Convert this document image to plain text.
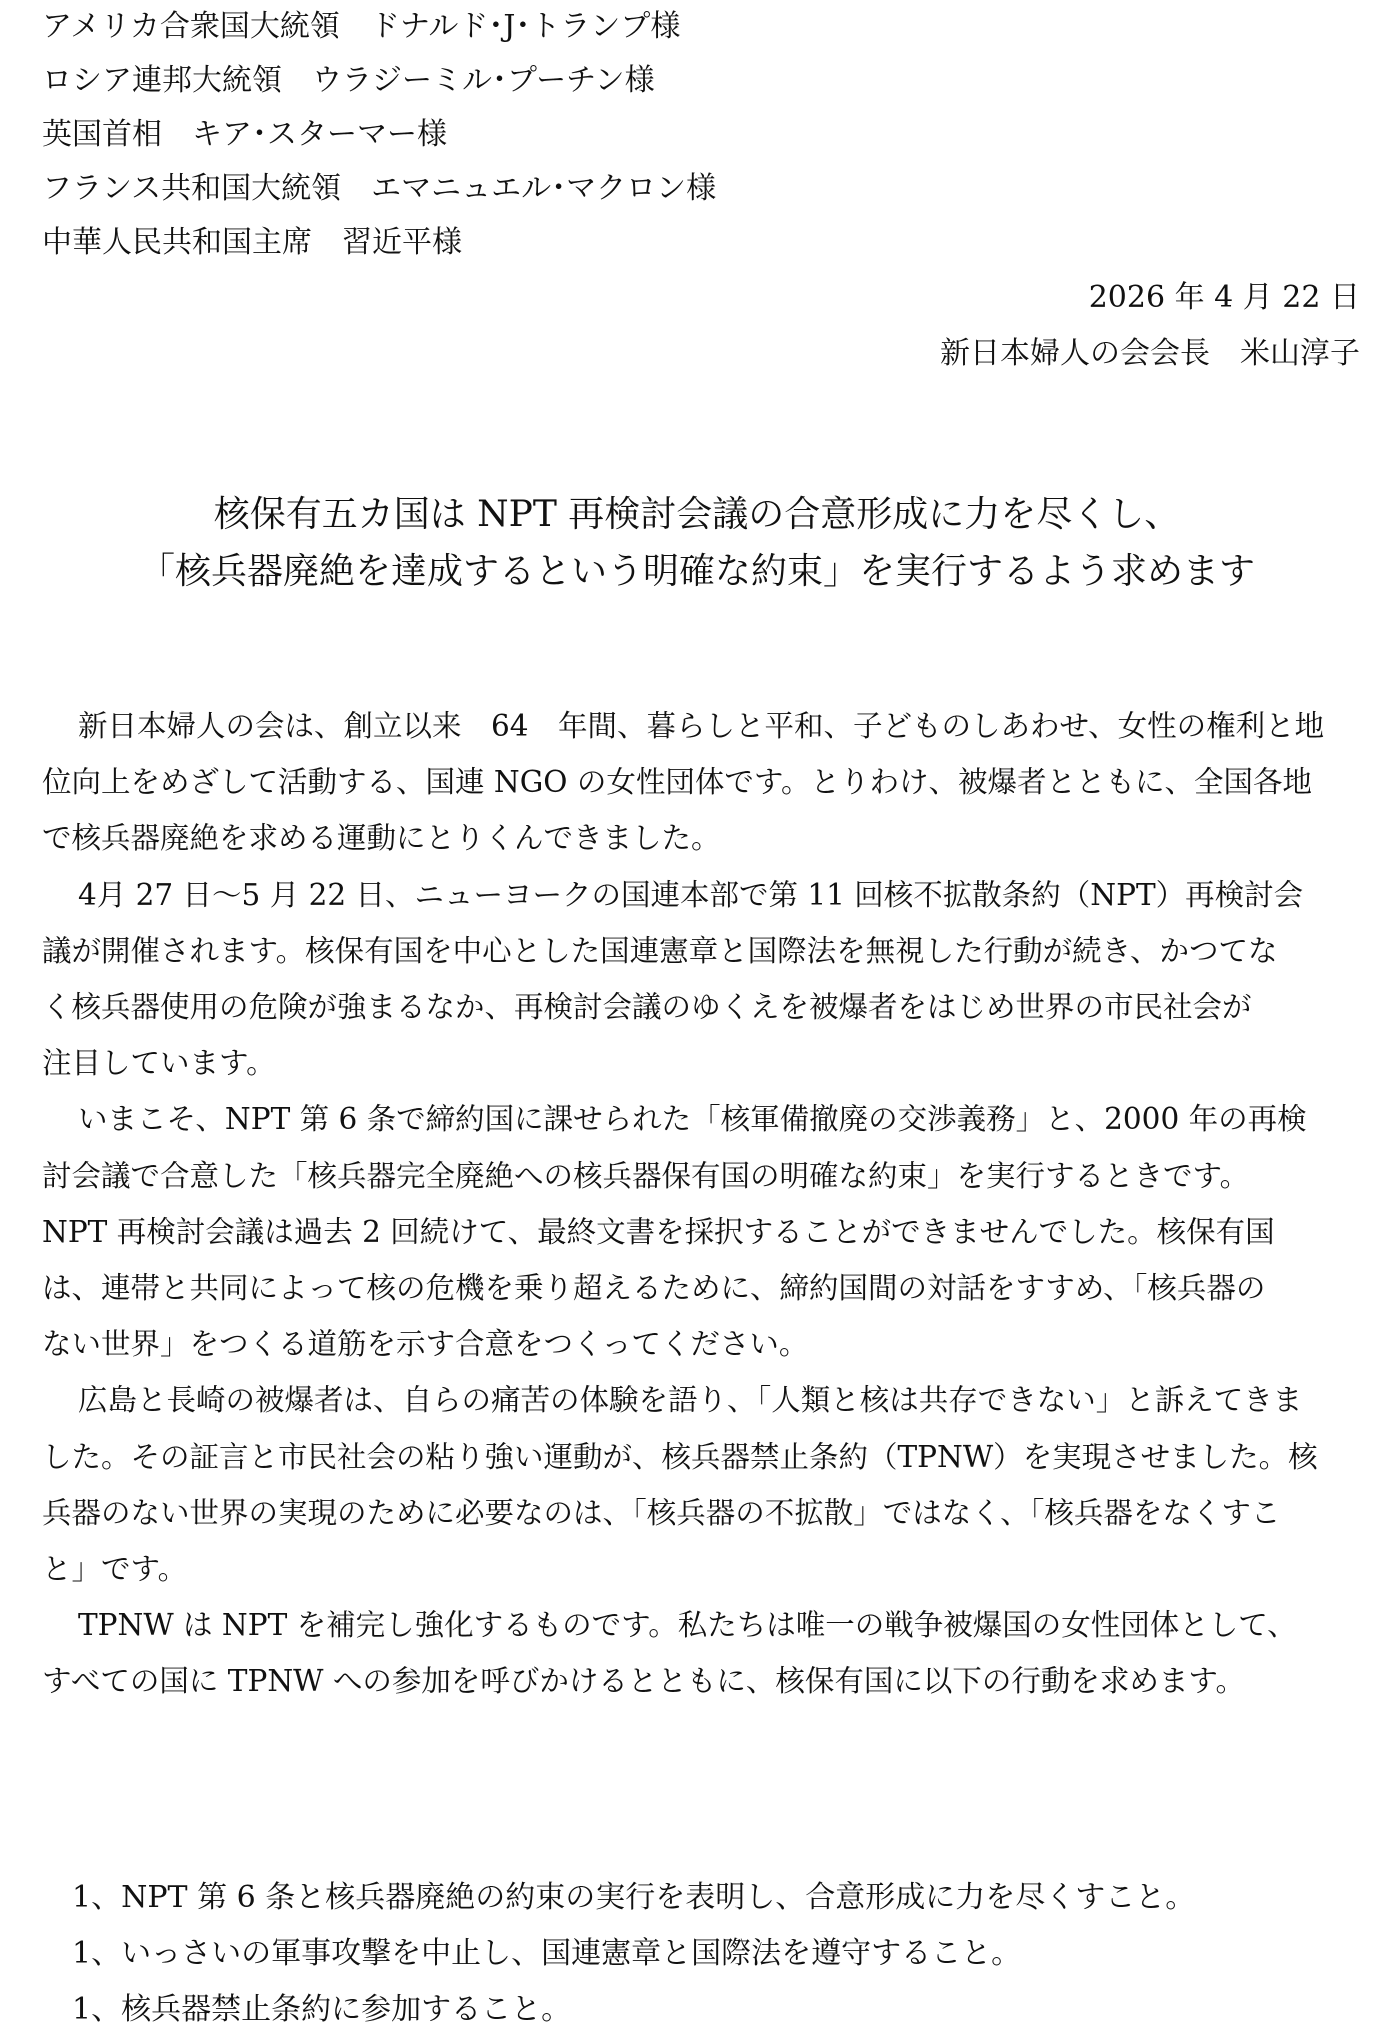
アメリカ合衆国大統領　ドナルド･J･トランプ様
ロシア連邦大統領　ウラジーミル･プーチン様
英国首相　キア･スターマー様
フランス共和国大統領　エマニュエル･マクロン様
中華人民共和国主席　習近平様
2026 年 4 月 22 日
新日本婦人の会会長　米山淳子
核保有五カ国は NPT 再検討会議の合意形成に力を尽くし、
「核兵器廃絶を達成するという明確な約束」を実行するよう求めます
新日本婦人の会は、創立以来　64　年間、暮らしと平和、子どものしあわせ、女性の権利と地
位向上をめざして活動する、国連 NGO の女性団体です。とりわけ、被爆者とともに、全国各地
で核兵器廃絶を求める運動にとりくんできました。
4月 27 日～5 月 22 日、ニューヨークの国連本部で第 11 回核不拡散条約（NPT）再検討会
議が開催されます。核保有国を中心とした国連憲章と国際法を無視した行動が続き、かつてな
く核兵器使用の危険が強まるなか、再検討会議のゆくえを被爆者をはじめ世界の市民社会が
注目しています。
いまこそ、NPT 第 6 条で締約国に課せられた「核軍備撤廃の交渉義務」と、2000 年の再検
討会議で合意した「核兵器完全廃絶への核兵器保有国の明確な約束」を実行するときです。
NPT 再検討会議は過去 2 回続けて、最終文書を採択することができませんでした。核保有国
は、連帯と共同によって核の危機を乗り超えるために、締約国間の対話をすすめ、「核兵器の
ない世界」をつくる道筋を示す合意をつくってください。
広島と長崎の被爆者は、自らの痛苦の体験を語り、「人類と核は共存できない」と訴えてきま
した。その証言と市民社会の粘り強い運動が、核兵器禁止条約（TPNW）を実現させました。核
兵器のない世界の実現のために必要なのは、「核兵器の不拡散」ではなく、「核兵器をなくすこ
と」です。
TPNW は NPT を補完し強化するものです。私たちは唯一の戦争被爆国の女性団体として、
すべての国に TPNW への参加を呼びかけるとともに、核保有国に以下の行動を求めます。
1、NPT 第 6 条と核兵器廃絶の約束の実行を表明し、合意形成に力を尽くすこと。
1、いっさいの軍事攻撃を中止し、国連憲章と国際法を遵守すること。
1、核兵器禁止条約に参加すること。
